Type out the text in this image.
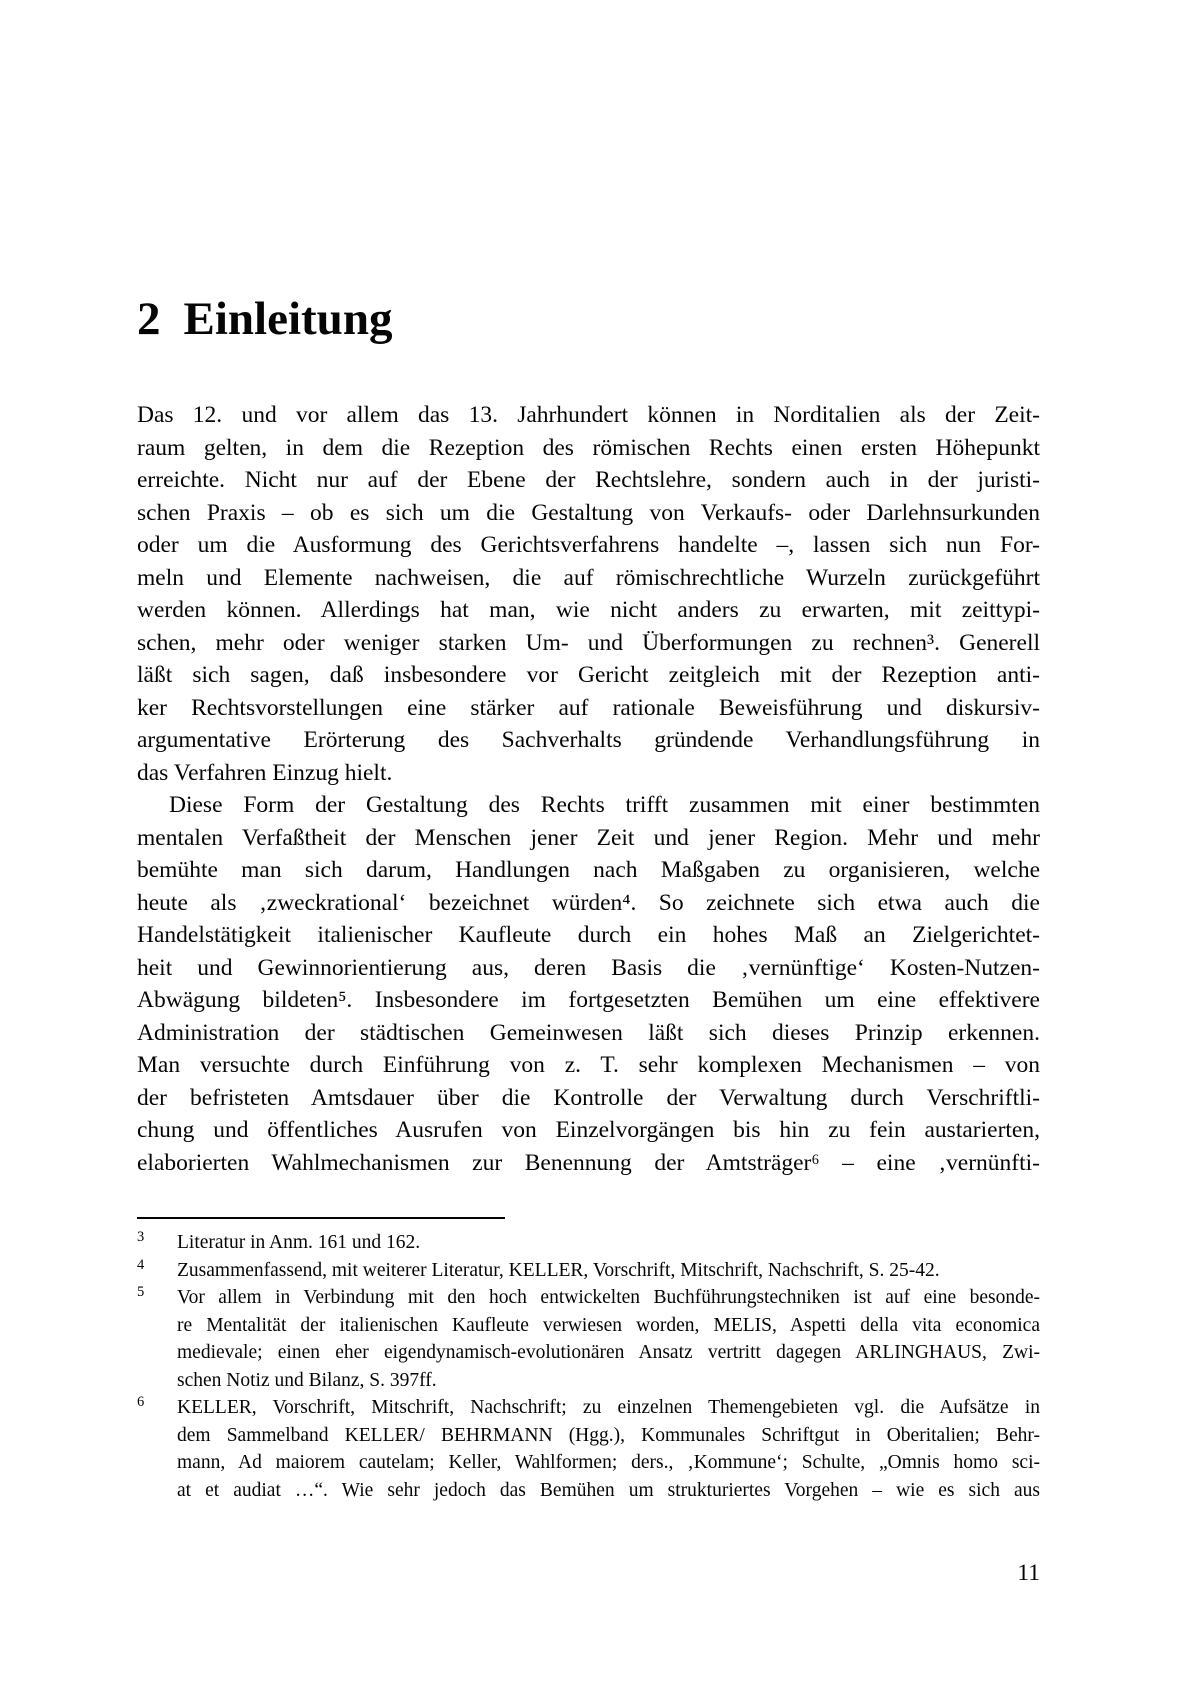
2 Einleitung
Das 12. und vor allem das 13. Jahrhundert können in Norditalien als der Zeit-
raum gelten, in dem die Rezeption des römischen Rechts einen ersten Höhepunkt
erreichte. Nicht nur auf der Ebene der Rechtslehre, sondern auch in der juristi-
schen Praxis – ob es sich um die Gestaltung von Verkaufs- oder Darlehnsurkunden
oder um die Ausformung des Gerichtsverfahrens handelte –, lassen sich nun For-
meln und Elemente nachweisen, die auf römischrechtliche Wurzeln zurückgeführt
werden können. Allerdings hat man, wie nicht anders zu erwarten, mit zeittypi-
schen, mehr oder weniger starken Um- und Überformungen zu rechnen³. Generell
läßt sich sagen, daß insbesondere vor Gericht zeitgleich mit der Rezeption anti-
ker Rechtsvorstellungen eine stärker auf rationale Beweisführung und diskursiv-
argumentative Erörterung des Sachverhalts gründende Verhandlungsführung in
das Verfahren Einzug hielt.
Diese Form der Gestaltung des Rechts trifft zusammen mit einer bestimmten
mentalen Verfaßtheit der Menschen jener Zeit und jener Region. Mehr und mehr
bemühte man sich darum, Handlungen nach Maßgaben zu organisieren, welche
heute als ‚zweckrational‘ bezeichnet würden⁴. So zeichnete sich etwa auch die
Handelstätigkeit italienischer Kaufleute durch ein hohes Maß an Zielgerichtet-
heit und Gewinnorientierung aus, deren Basis die ‚vernünftige‘ Kosten-Nutzen-
Abwägung bildeten⁵. Insbesondere im fortgesetzten Bemühen um eine effektivere
Administration der städtischen Gemeinwesen läßt sich dieses Prinzip erkennen.
Man versuchte durch Einführung von z. T. sehr komplexen Mechanismen – von
der befristeten Amtsdauer über die Kontrolle der Verwaltung durch Verschriftli-
chung und öffentliches Ausrufen von Einzelvorgängen bis hin zu fein austarierten,
elaborierten Wahlmechanismen zur Benennung der Amtsträger⁶ – eine ‚vernünfti-
3	Literatur in Anm. 161 und 162.
4	Zusammenfassend, mit weiterer Literatur, KELLER, Vorschrift, Mitschrift, Nachschrift, S. 25-42.
5	Vor allem in Verbindung mit den hoch entwickelten Buchführungstechniken ist auf eine besonde-
re Mentalität der italienischen Kaufleute verwiesen worden, MELIS, Aspetti della vita economica
medievale; einen eher eigendynamisch-evolutionären Ansatz vertritt dagegen ARLINGHAUS, Zwi-
schen Notiz und Bilanz, S. 397ff.
6	KELLER, Vorschrift, Mitschrift, Nachschrift; zu einzelnen Themengebieten vgl. die Aufsätze in
dem Sammelband KELLER/ BEHRMANN (Hgg.), Kommunales Schriftgut in Oberitalien; Behr-
mann, Ad maiorem cautelam; Keller, Wahlformen; ders., ‚Kommune‘; Schulte, „Omnis homo sci-
at et audiat …“. Wie sehr jedoch das Bemühen um strukturiertes Vorgehen – wie es sich aus
11
